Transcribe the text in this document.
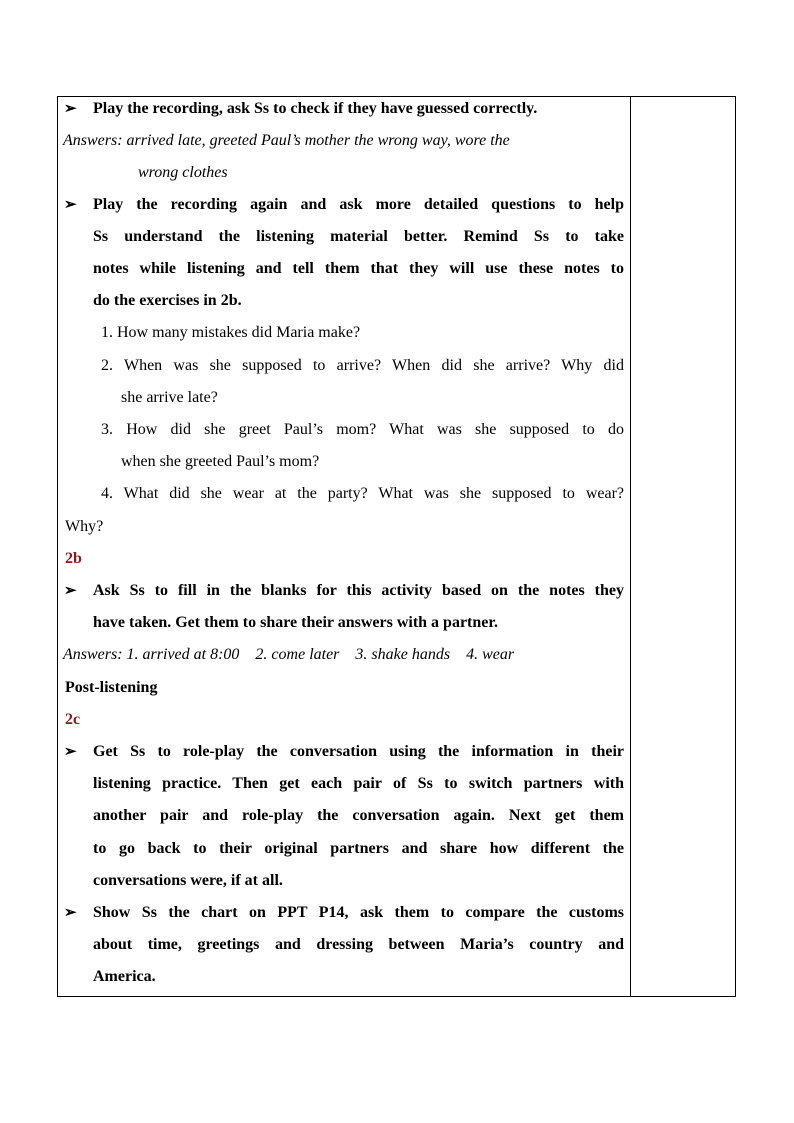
➢ Play the recording, ask Ss to check if they have guessed correctly.
Answers: arrived late, greeted Paul’s mother the wrong way, wore the
wrong clothes
➢ Play the recording again and ask more detailed questions to help
Ss understand the listening material better. Remind Ss to take
notes while listening and tell them that they will use these notes to
do the exercises in 2b.
1. How many mistakes did Maria make?
2. When was she supposed to arrive? When did she arrive? Why did
she arrive late?
3. How did she greet Paul’s mom? What was she supposed to do
when she greeted Paul’s mom?
4. What did she wear at the party? What was she supposed to wear?
Why?
2b
➢ Ask Ss to fill in the blanks for this activity based on the notes they
have taken. Get them to share their answers with a partner.
Answers: 1. arrived at 8:00    2. come later    3. shake hands    4. wear
Post-listening
2c
➢ Get Ss to role-play the conversation using the information in their
listening practice. Then get each pair of Ss to switch partners with
another pair and role-play the conversation again. Next get them
to go back to their original partners and share how different the
conversations were, if at all.
➢ Show Ss the chart on PPT P14, ask them to compare the customs
about time, greetings and dressing between Maria’s country and
America.
